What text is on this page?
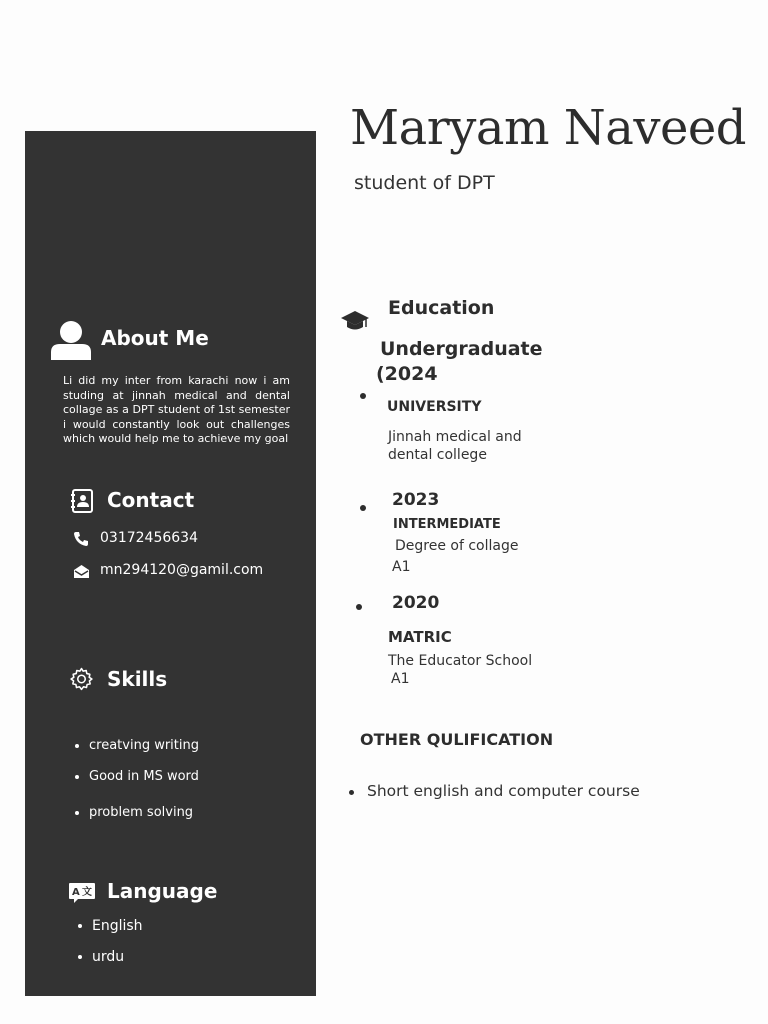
About Me
Li did my inter from karachi now i am studing at jinnah medical and dental collage as a DPT student of 1st semester i would constantly look out challenges which would help me to achieve my goal
Contact
03172456634
mn294120@gamil.com
Skills
creatving writing
Good in MS word
problem solving
A 文 Language
English
urdu
Maryam Naveed
student of DPT
Education
Undergraduate
(2024
UNIVERSITY
Jinnah medical and
dental college
2023
INTERMEDIATE
Degree of collage
A1
2020
MATRIC
The Educator School
A1
OTHER QULIFICATION
Short english and computer course
